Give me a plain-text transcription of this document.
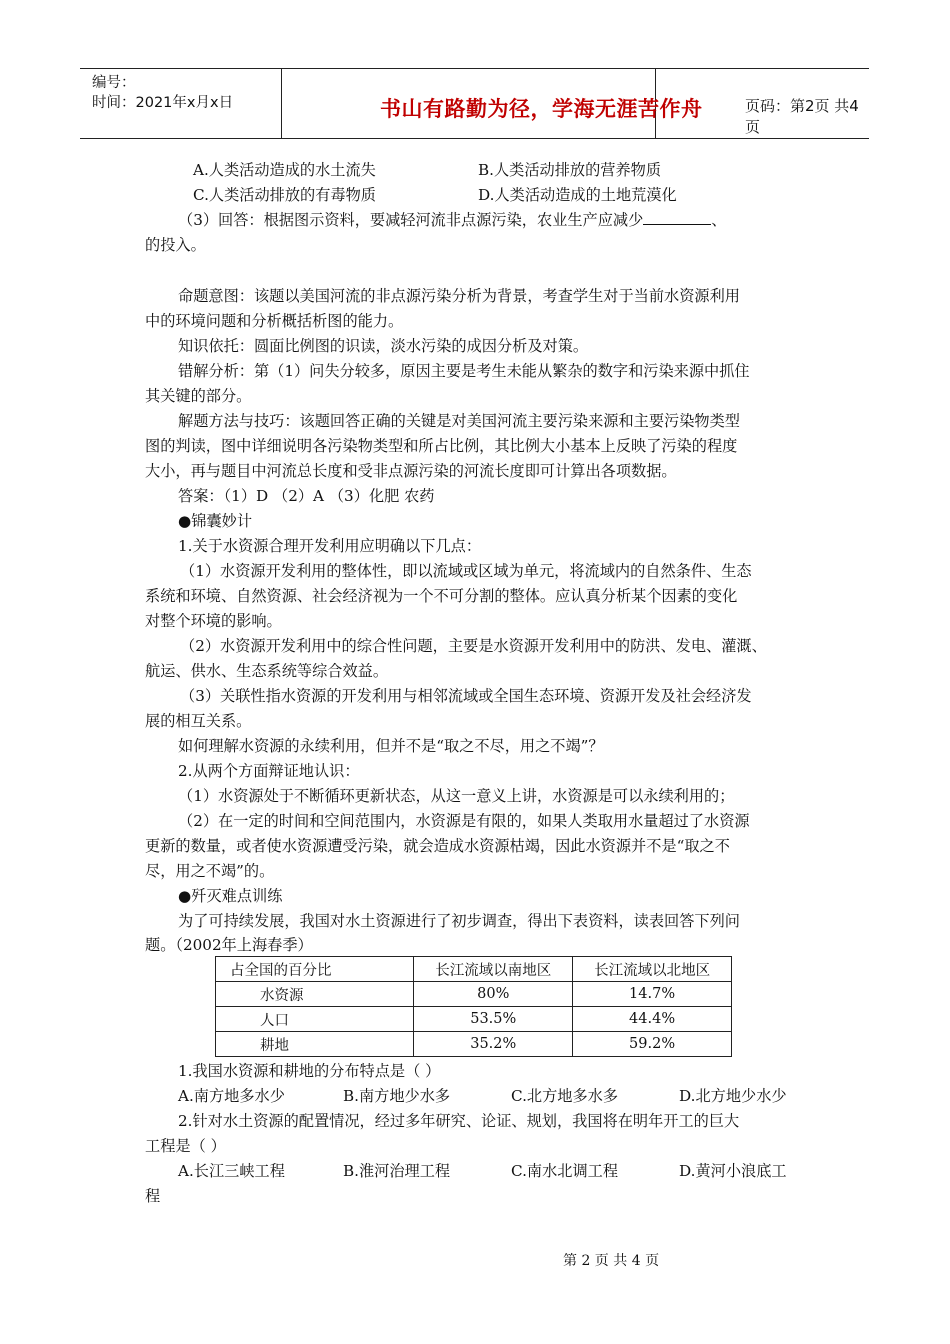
编号：
时间：2021年x月x日	书山有路勤为径，学海无涯苦作舟	页码：第2页 共4页
A.人类活动造成的水土流失	B.人类活动排放的营养物质
C.人类活动排放的有毒物质	D.人类活动造成的土地荒漠化
（3）回答：根据图示资料，要减轻河流非点源污染，农业生产应减少	、
的投入。
命题意图：该题以美国河流的非点源污染分析为背景，考查学生对于当前水资源利用
中的环境问题和分析概括析图的能力。
知识依托：圆面比例图的识读，淡水污染的成因分析及对策。
错解分析：第（1）问失分较多，原因主要是考生未能从繁杂的数字和污染来源中抓住
其关键的部分。
解题方法与技巧：该题回答正确的关键是对美国河流主要污染来源和主要污染物类型
图的判读，图中详细说明各污染物类型和所占比例，其比例大小基本上反映了污染的程度
大小，再与题目中河流总长度和受非点源污染的河流长度即可计算出各项数据。
答案：（1）D （2）A （3）化肥 农药
●锦囊妙计
1.关于水资源合理开发利用应明确以下几点：
（1）水资源开发利用的整体性，即以流域或区域为单元，将流域内的自然条件、生态
系统和环境、自然资源、社会经济视为一个不可分割的整体。应认真分析某个因素的变化
对整个环境的影响。
（2）水资源开发利用中的综合性问题，主要是水资源开发利用中的防洪、发电、灌溉、
航运、供水、生态系统等综合效益。
（3）关联性指水资源的开发利用与相邻流域或全国生态环境、资源开发及社会经济发
展的相互关系。
如何理解水资源的永续利用，但并不是“取之不尽，用之不竭”？
2.从两个方面辩证地认识：
（1）水资源处于不断循环更新状态，从这一意义上讲，水资源是可以永续利用的；
（2）在一定的时间和空间范围内，水资源是有限的，如果人类取用水量超过了水资源
更新的数量，或者使水资源遭受污染，就会造成水资源枯竭，因此水资源并不是“取之不
尽，用之不竭”的。
●歼灭难点训练
为了可持续发展，我国对水土资源进行了初步调查，得出下表资料，读表回答下列问
题。（2002年上海春季）
占全国的百分比	长江流域以南地区	长江流域以北地区
水资源	80%	14.7%
人口	53.5%	44.4%
耕地	35.2%	59.2%
1.我国水资源和耕地的分布特点是（ ）
A.南方地多水少	B.南方地少水多	C.北方地多水多	D.北方地少水少
2.针对水土资源的配置情况，经过多年研究、论证、规划，我国将在明年开工的巨大
工程是（ ）
A.长江三峡工程	B.淮河治理工程	C.南水北调工程	D.黄河小浪底工
程
第 2 页 共 4 页
